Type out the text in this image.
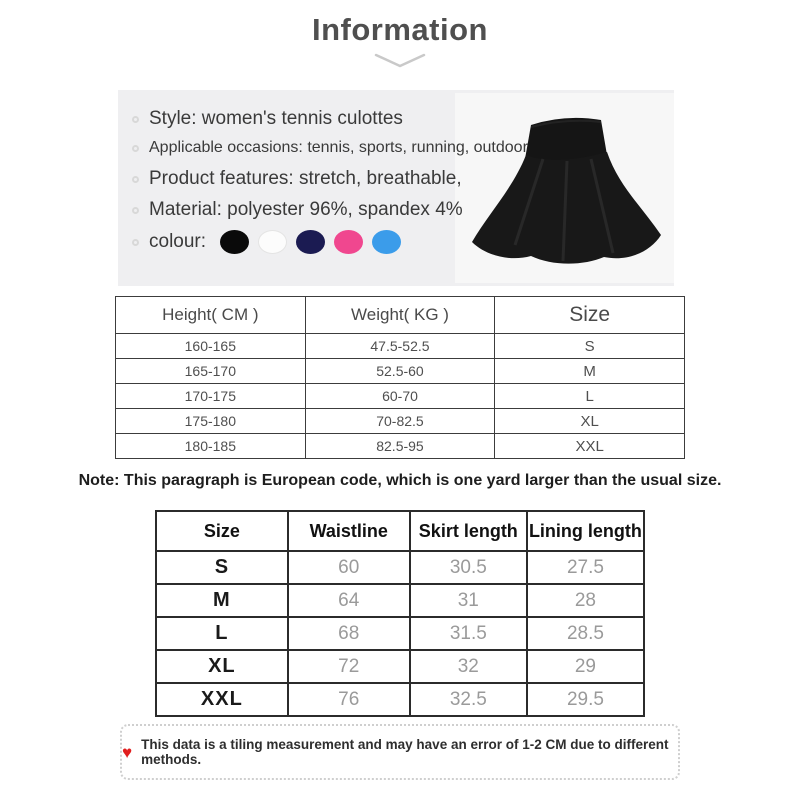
Information
Style: women's tennis culottes
Applicable occasions: tennis, sports, running, outdoor
Product features: stretch, breathable,
Material: polyester 96%, spandex 4%
colour:
Height( CM )	Weight( KG )	Size
160-165	47.5-52.5	S
165-170	52.5-60	M
170-175	60-70	L
175-180	70-82.5	XL
180-185	82.5-95	XXL
Note: This paragraph is European code, which is one yard larger than the usual size.
Size	Waistline	Skirt length	Lining length
S	60	30.5	27.5
M	64	31	28
L	68	31.5	28.5
XL	72	32	29
XXL	76	32.5	29.5
♥ This data is a tiling measurement and may have an error of 1-2 CM due to different methods.
